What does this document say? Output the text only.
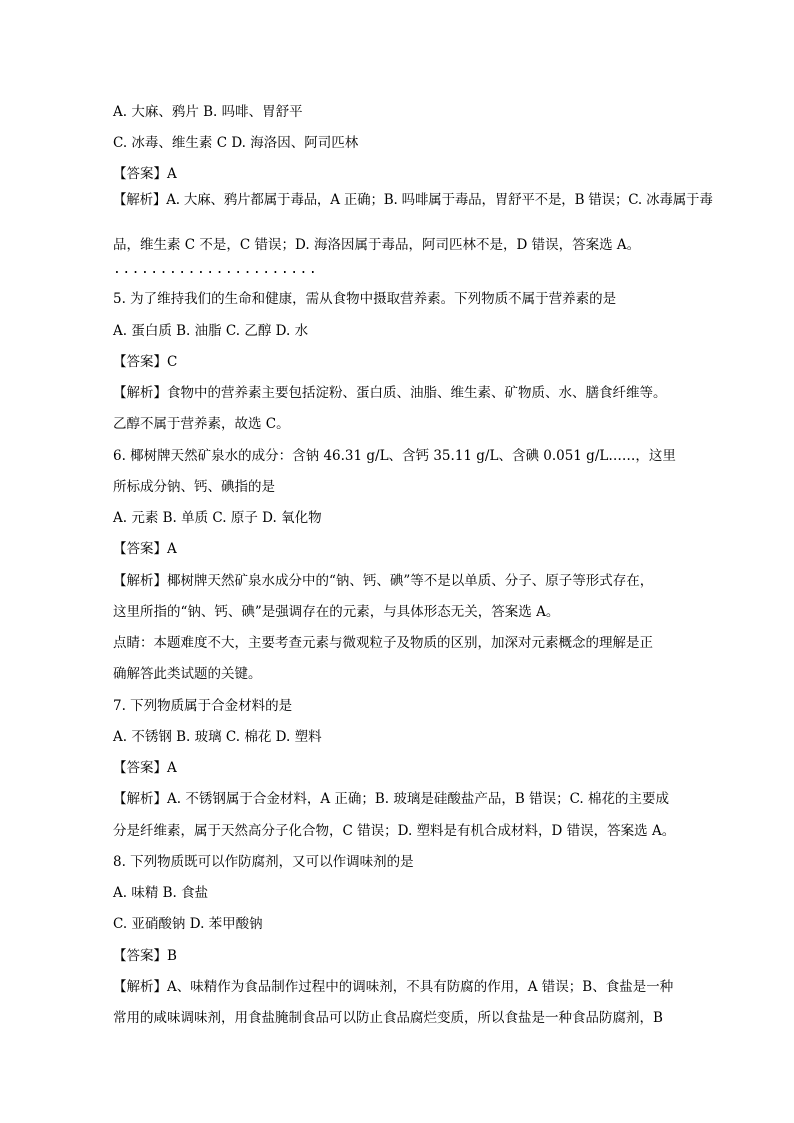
A. 大麻、鸦片 B. 吗啡、胃舒平
C. 冰毒、维生素 C D. 海洛因、阿司匹林
【答案】A
【解析】A. 大麻、鸦片都属于毒品，A 正确；B. 吗啡属于毒品，胃舒平不是，B 错误；C. 冰毒属于毒
品，维生素 C 不是，C 错误；D. 海洛因属于毒品，阿司匹林不是，D 错误，答案选 A。
......................
5. 为了维持我们的生命和健康，需从食物中摄取营养素。下列物质不属于营养素的是
A. 蛋白质 B. 油脂 C. 乙醇 D. 水
【答案】C
【解析】食物中的营养素主要包括淀粉、蛋白质、油脂、维生素、矿物质、水、膳食纤维等。
乙醇不属于营养素，故选 C。
6. 椰树牌天然矿泉水的成分：含钠 46.31 g/L、含钙 35.11 g/L、含碘 0.051 g/L……，这里
所标成分钠、钙、碘指的是
A. 元素 B. 单质 C. 原子 D. 氧化物
【答案】A
【解析】椰树牌天然矿泉水成分中的“钠、钙、碘”等不是以单质、分子、原子等形式存在，
这里所指的“钠、钙、碘”是强调存在的元素，与具体形态无关，答案选 A。
点睛：本题难度不大，主要考查元素与微观粒子及物质的区别，加深对元素概念的理解是正
确解答此类试题的关键。
7. 下列物质属于合金材料的是
A. 不锈钢 B. 玻璃 C. 棉花 D. 塑料
【答案】A
【解析】A. 不锈钢属于合金材料，A 正确；B. 玻璃是硅酸盐产品，B 错误；C. 棉花的主要成
分是纤维素，属于天然高分子化合物，C 错误；D. 塑料是有机合成材料，D 错误，答案选 A。
8. 下列物质既可以作防腐剂，又可以作调味剂的是
A. 味精 B. 食盐
C. 亚硝酸钠 D. 苯甲酸钠
【答案】B
【解析】A、味精作为食品制作过程中的调味剂，不具有防腐的作用，A 错误；B、食盐是一种
常用的咸味调味剂，用食盐腌制食品可以防止食品腐烂变质，所以食盐是一种食品防腐剂，B
